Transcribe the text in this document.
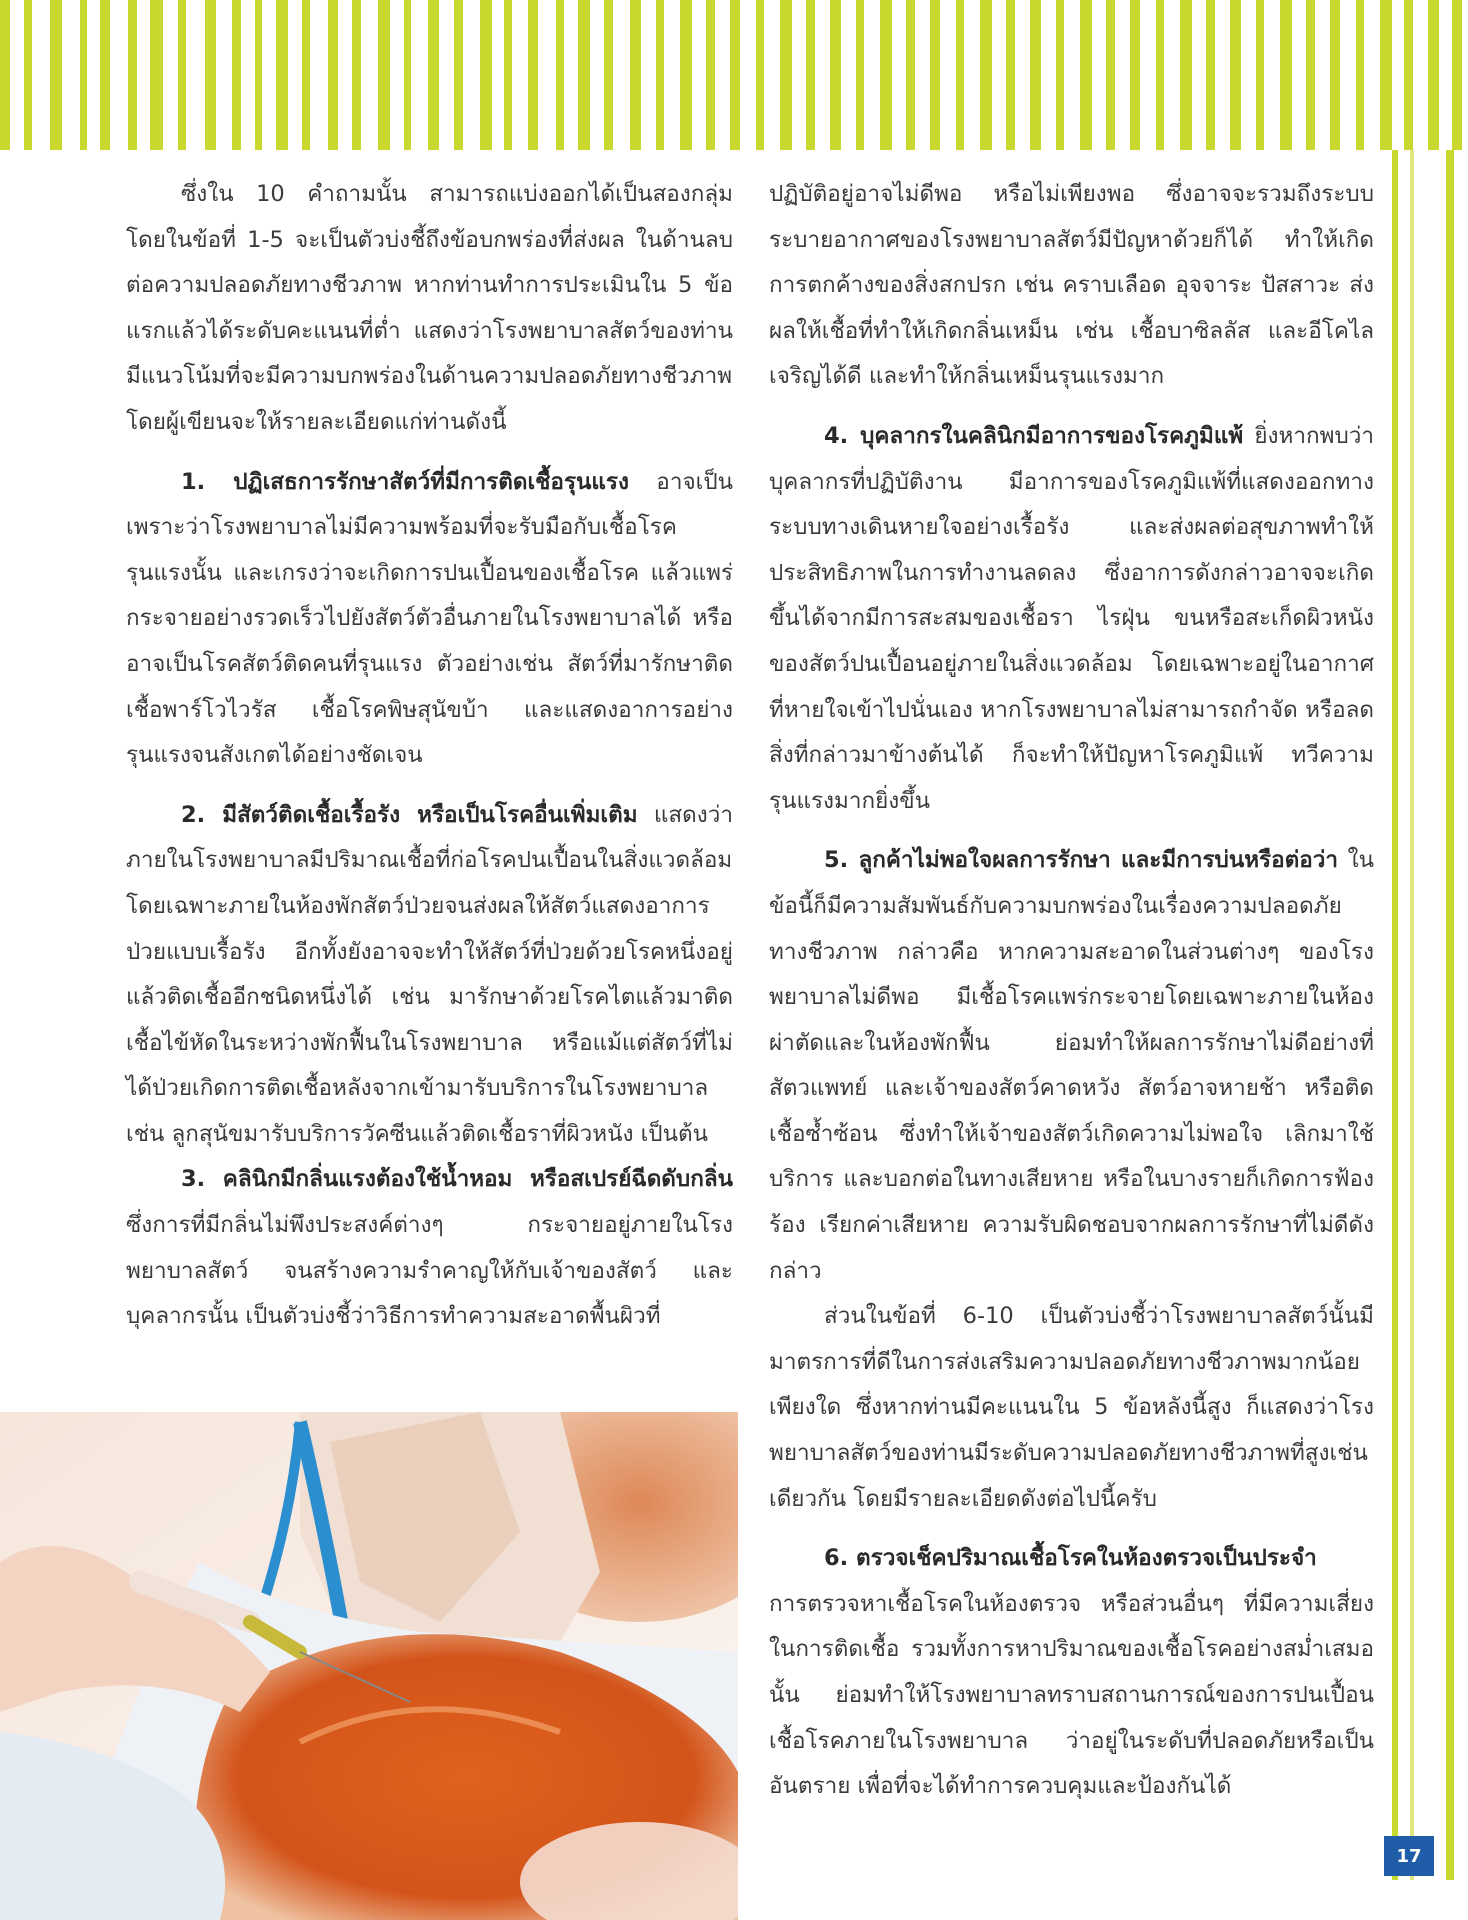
ซึ่งใน 10 คำถามนั้น สามารถแบ่งออกได้เป็นสองกลุ่ม โดยในข้อที่ 1-5 จะเป็นตัวบ่งชี้ถึงข้อบกพร่องที่ส่งผล ในด้านลบต่อความปลอดภัยทางชีวภาพ หากท่านทำการประเมินใน 5 ข้อแรกแล้วได้ระดับคะแนนที่ต่ำ แสดงว่าโรงพยาบาลสัตว์ของท่านมีแนวโน้มที่จะมีความบกพร่องในด้านความปลอดภัยทางชีวภาพ โดยผู้เขียนจะให้รายละเอียดแก่ท่านดังนี้

1. ปฏิเสธการรักษาสัตว์ที่มีการติดเชื้อรุนแรง อาจเป็นเพราะว่าโรงพยาบาลไม่มีความพร้อมที่จะรับมือกับเชื้อโรครุนแรงนั้น และเกรงว่าจะเกิดการปนเปื้อนของเชื้อโรค แล้วแพร่กระจายอย่างรวดเร็วไปยังสัตว์ตัวอื่นภายในโรงพยาบาลได้ หรืออาจเป็นโรคสัตว์ติดคนที่รุนแรง ตัวอย่างเช่น สัตว์ที่มารักษาติดเชื้อพาร์โวไวรัส เชื้อโรคพิษสุนัขบ้า และแสดงอาการอย่างรุนแรงจนสังเกตได้อย่างชัดเจน

2. มีสัตว์ติดเชื้อเรื้อรัง หรือเป็นโรคอื่นเพิ่มเติม แสดงว่าภายในโรงพยาบาลมีปริมาณเชื้อที่ก่อโรคปนเปื้อนในสิ่งแวดล้อม โดยเฉพาะภายในห้องพักสัตว์ป่วยจนส่งผลให้สัตว์แสดงอาการป่วยแบบเรื้อรัง อีกทั้งยังอาจจะทำให้สัตว์ที่ป่วยด้วยโรคหนึ่งอยู่แล้วติดเชื้ออีกชนิดหนึ่งได้ เช่น มารักษาด้วยโรคไตแล้วมาติดเชื้อไข้หัดในระหว่างพักฟื้นในโรงพยาบาล หรือแม้แต่สัตว์ที่ไม่ได้ป่วยเกิดการติดเชื้อหลังจากเข้ามารับบริการในโรงพยาบาล เช่น ลูกสุนัขมารับบริการวัคซีนแล้วติดเชื้อราที่ผิวหนัง เป็นต้น

3. คลินิกมีกลิ่นแรงต้องใช้น้ำหอม หรือสเปรย์ฉีดดับกลิ่น ซึ่งการที่มีกลิ่นไม่พึงประสงค์ต่างๆ กระจายอยู่ภายในโรงพยาบาลสัตว์ จนสร้างความรำคาญให้กับเจ้าของสัตว์ และบุคลากรนั้น เป็นตัวบ่งชี้ว่าวิธีการทำความสะอาดพื้นผิวที่

ปฏิบัติอยู่อาจไม่ดีพอ หรือไม่เพียงพอ ซึ่งอาจจะรวมถึงระบบระบายอากาศของโรงพยาบาลสัตว์มีปัญหาด้วยก็ได้ ทำให้เกิดการตกค้างของสิ่งสกปรก เช่น คราบเลือด อุจจาระ ปัสสาวะ ส่งผลให้เชื้อที่ทำให้เกิดกลิ่นเหม็น เช่น เชื้อบาซิลลัส และอีโคไล เจริญได้ดี และทำให้กลิ่นเหม็นรุนแรงมาก

4. บุคลากรในคลินิกมีอาการของโรคภูมิแพ้ ยิ่งหากพบว่าบุคลากรที่ปฏิบัติงาน มีอาการของโรคภูมิแพ้ที่แสดงออกทางระบบทางเดินหายใจอย่างเรื้อรัง และส่งผลต่อสุขภาพทำให้ประสิทธิภาพในการทำงานลดลง ซึ่งอาการดังกล่าวอาจจะเกิดขึ้นได้จากมีการสะสมของเชื้อรา ไรฝุ่น ขนหรือสะเก็ดผิวหนังของสัตว์ปนเปื้อนอยู่ภายในสิ่งแวดล้อม โดยเฉพาะอยู่ในอากาศที่หายใจเข้าไปนั่นเอง หากโรงพยาบาลไม่สามารถกำจัด หรือลดสิ่งที่กล่าวมาข้างต้นได้ ก็จะทำให้ปัญหาโรคภูมิแพ้ ทวีความรุนแรงมากยิ่งขึ้น

5. ลูกค้าไม่พอใจผลการรักษา และมีการบ่นหรือต่อว่า ในข้อนี้ก็มีความสัมพันธ์กับความบกพร่องในเรื่องความปลอดภัยทางชีวภาพ กล่าวคือ หากความสะอาดในส่วนต่างๆ ของโรงพยาบาลไม่ดีพอ มีเชื้อโรคแพร่กระจายโดยเฉพาะภายในห้องผ่าตัดและในห้องพักฟื้น ย่อมทำให้ผลการรักษาไม่ดีอย่างที่สัตวแพทย์ และเจ้าของสัตว์คาดหวัง สัตว์อาจหายช้า หรือติดเชื้อซ้ำซ้อน ซึ่งทำให้เจ้าของสัตว์เกิดความไม่พอใจ เลิกมาใช้บริการ และบอกต่อในทางเสียหาย หรือในบางรายก็เกิดการฟ้องร้อง เรียกค่าเสียหาย ความรับผิดชอบจากผลการรักษาที่ไม่ดีดังกล่าว

ส่วนในข้อที่ 6-10 เป็นตัวบ่งชี้ว่าโรงพยาบาลสัตว์นั้นมีมาตรการที่ดีในการส่งเสริมความปลอดภัยทางชีวภาพมากน้อยเพียงใด ซึ่งหากท่านมีคะแนนใน 5 ข้อหลังนี้สูง ก็แสดงว่าโรงพยาบาลสัตว์ของท่านมีระดับความปลอดภัยทางชีวภาพที่สูงเช่นเดียวกัน โดยมีรายละเอียดดังต่อไปนี้ครับ

6. ตรวจเช็คปริมาณเชื้อโรคในห้องตรวจเป็นประจำ

การตรวจหาเชื้อโรคในห้องตรวจ หรือส่วนอื่นๆ ที่มีความเสี่ยงในการติดเชื้อ รวมทั้งการหาปริมาณของเชื้อโรคอย่างสม่ำเสมอนั้น ย่อมทำให้โรงพยาบาลทราบสถานการณ์ของการปนเปื้อนเชื้อโรคภายในโรงพยาบาล ว่าอยู่ในระดับที่ปลอดภัยหรือเป็นอันตราย เพื่อที่จะได้ทำการควบคุมและป้องกันได้

17
